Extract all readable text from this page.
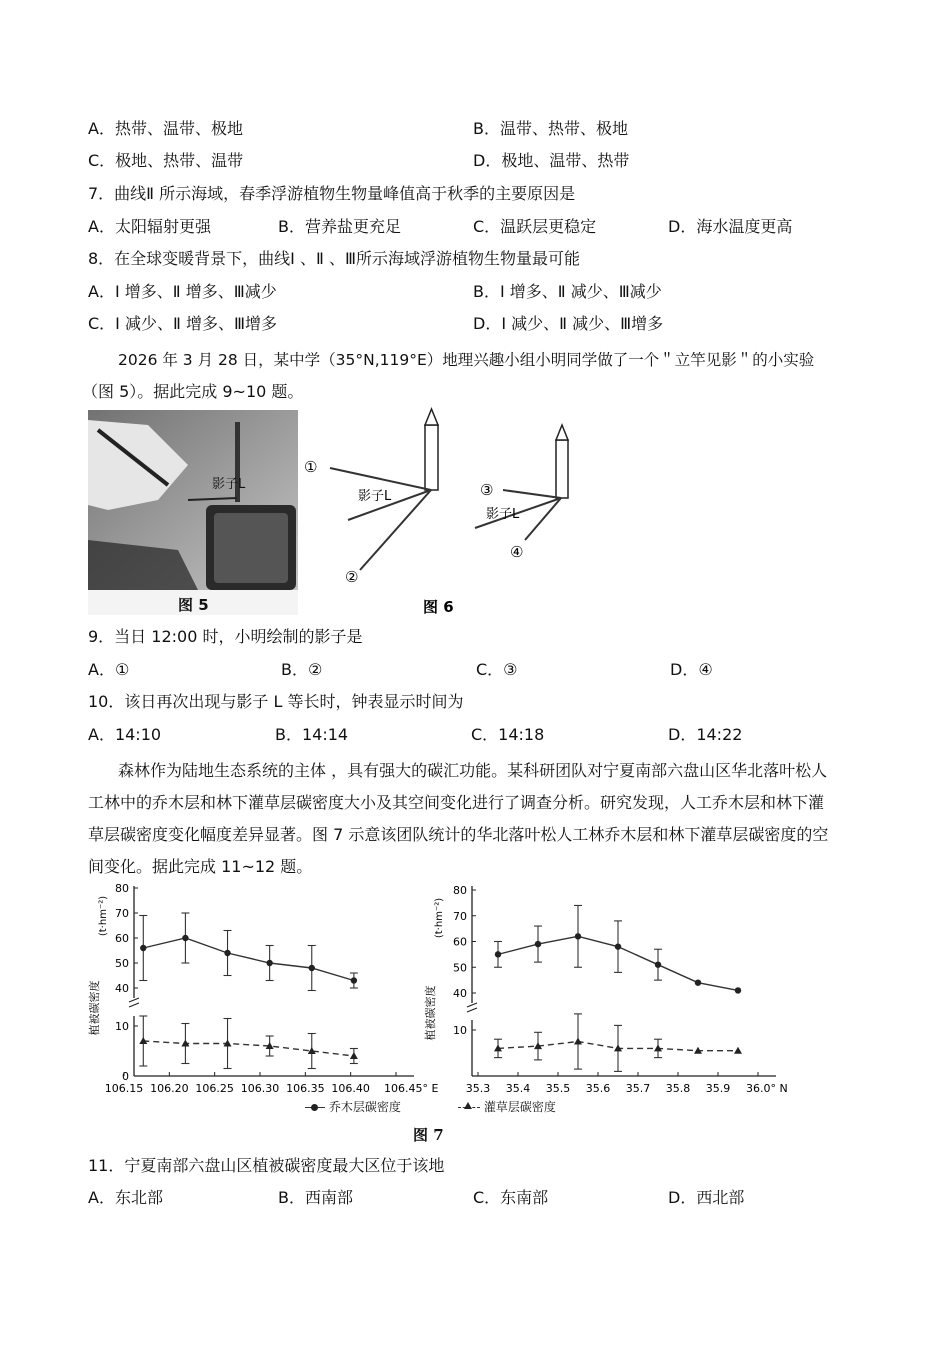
A．热带、温带、极地	B．温带、热带、极地
C．极地、热带、温带	D．极地、温带、热带
7．曲线Ⅱ 所示海域，春季浮游植物生物量峰值高于秋季的主要原因是
A．太阳辐射更强	B．营养盐更充足	C．温跃层更稳定	D．海水温度更高
8．在全球变暖背景下，曲线Ⅰ 、Ⅱ 、Ⅲ所示海域浮游植物生物量最可能
A．Ⅰ 增多、Ⅱ 增多、Ⅲ减少	B．Ⅰ 增多、Ⅱ 减少、Ⅲ减少
C．Ⅰ 减少、Ⅱ 增多、Ⅲ增多	D．Ⅰ 减少、Ⅱ 减少、Ⅲ增多
2026 年 3 月 28 日，某中学（35°N,119°E）地理兴趣小组小明同学做了一个＂立竿见影＂的小实验
（图 5）。据此完成 9~10 题。
影子L
图 5
①
影子L
②
③
影子L
④
图 6
9．当日 12:00 时，小明绘制的影子是
A．①	B．②	C．③	D．④
10．该日再次出现与影子 L 等长时，钟表显示时间为
A．14:10	B．14:14	C．14:18	D．14:22
森林作为陆地生态系统的主体 ，具有强大的碳汇功能。某科研团队对宁夏南部六盘山区华北落叶松人
工林中的乔木层和林下灌草层碳密度大小及其空间变化进行了调查分析。研究发现，人工乔木层和林下灌
草层碳密度变化幅度差异显著。图 7 示意该团队统计的华北落叶松人工林乔木层和林下灌草层碳密度的空
间变化。据此完成 11~12 题。
40
50
60
70
80
0
10
(t·hm⁻²)
植被碳密度
106.15 106.20 106.25 106.30 106.35 106.40 106.45° E
40
50
60
70
80
10
(t·hm⁻²)
植被碳密度
35.3 35.4 35.5 35.6 35.7 35.8 35.9 36.0° N
乔木层碳密度	灌草层碳密度
图 7
11．宁夏南部六盘山区植被碳密度最大区位于该地
A．东北部	B．西南部	C．东南部	D．西北部
